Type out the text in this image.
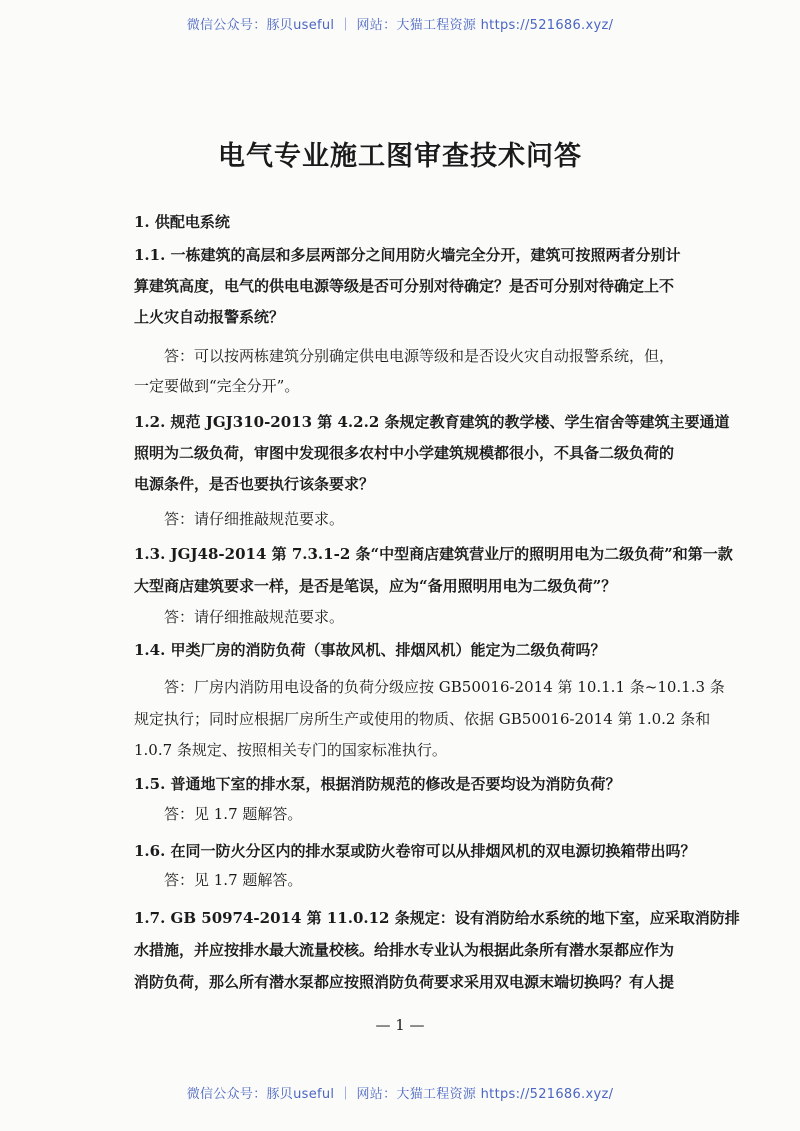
微信公众号：豚贝useful ｜ 网站：大猫工程资源 https://521686.xyz/
电气专业施工图审查技术问答

1. 供配电系统

1.1. 一栋建筑的高层和多层两部分之间用防火墙完全分开，建筑可按照两者分别计

算建筑高度，电气的供电电源等级是否可分别对待确定？是否可分别对待确定上不

上火灾自动报警系统？

答：可以按两栋建筑分别确定供电电源等级和是否设火灾自动报警系统，但，

一定要做到“完全分开”。

1.2. 规范 JGJ310-2013 第 4.2.2 条规定教育建筑的教学楼、学生宿舍等建筑主要通道

照明为二级负荷，审图中发现很多农村中小学建筑规模都很小，不具备二级负荷的

电源条件，是否也要执行该条要求？

答：请仔细推敲规范要求。

1.3. JGJ48-2014 第 7.3.1-2 条“中型商店建筑营业厅的照明用电为二级负荷”和第一款

大型商店建筑要求一样，是否是笔误，应为“备用照明用电为二级负荷”？

答：请仔细推敲规范要求。

1.4. 甲类厂房的消防负荷（事故风机、排烟风机）能定为二级负荷吗？

答：厂房内消防用电设备的负荷分级应按 GB50016-2014 第 10.1.1 条~10.1.3 条

规定执行；同时应根据厂房所生产或使用的物质、依据 GB50016-2014 第 1.0.2 条和

1.0.7 条规定、按照相关专门的国家标准执行。

1.5. 普通地下室的排水泵，根据消防规范的修改是否要均设为消防负荷？

答：见 1.7 题解答。

1.6. 在同一防火分区内的排水泵或防火卷帘可以从排烟风机的双电源切换箱带出吗？

答：见 1.7 题解答。

1.7. GB 50974-2014 第 11.0.12 条规定：设有消防给水系统的地下室，应采取消防排

水措施，并应按排水最大流量校核。给排水专业认为根据此条所有潜水泵都应作为

消防负荷，那么所有潜水泵都应按照消防负荷要求采用双电源末端切换吗？有人提

— 1 —
微信公众号：豚贝useful ｜ 网站：大猫工程资源 https://521686.xyz/
